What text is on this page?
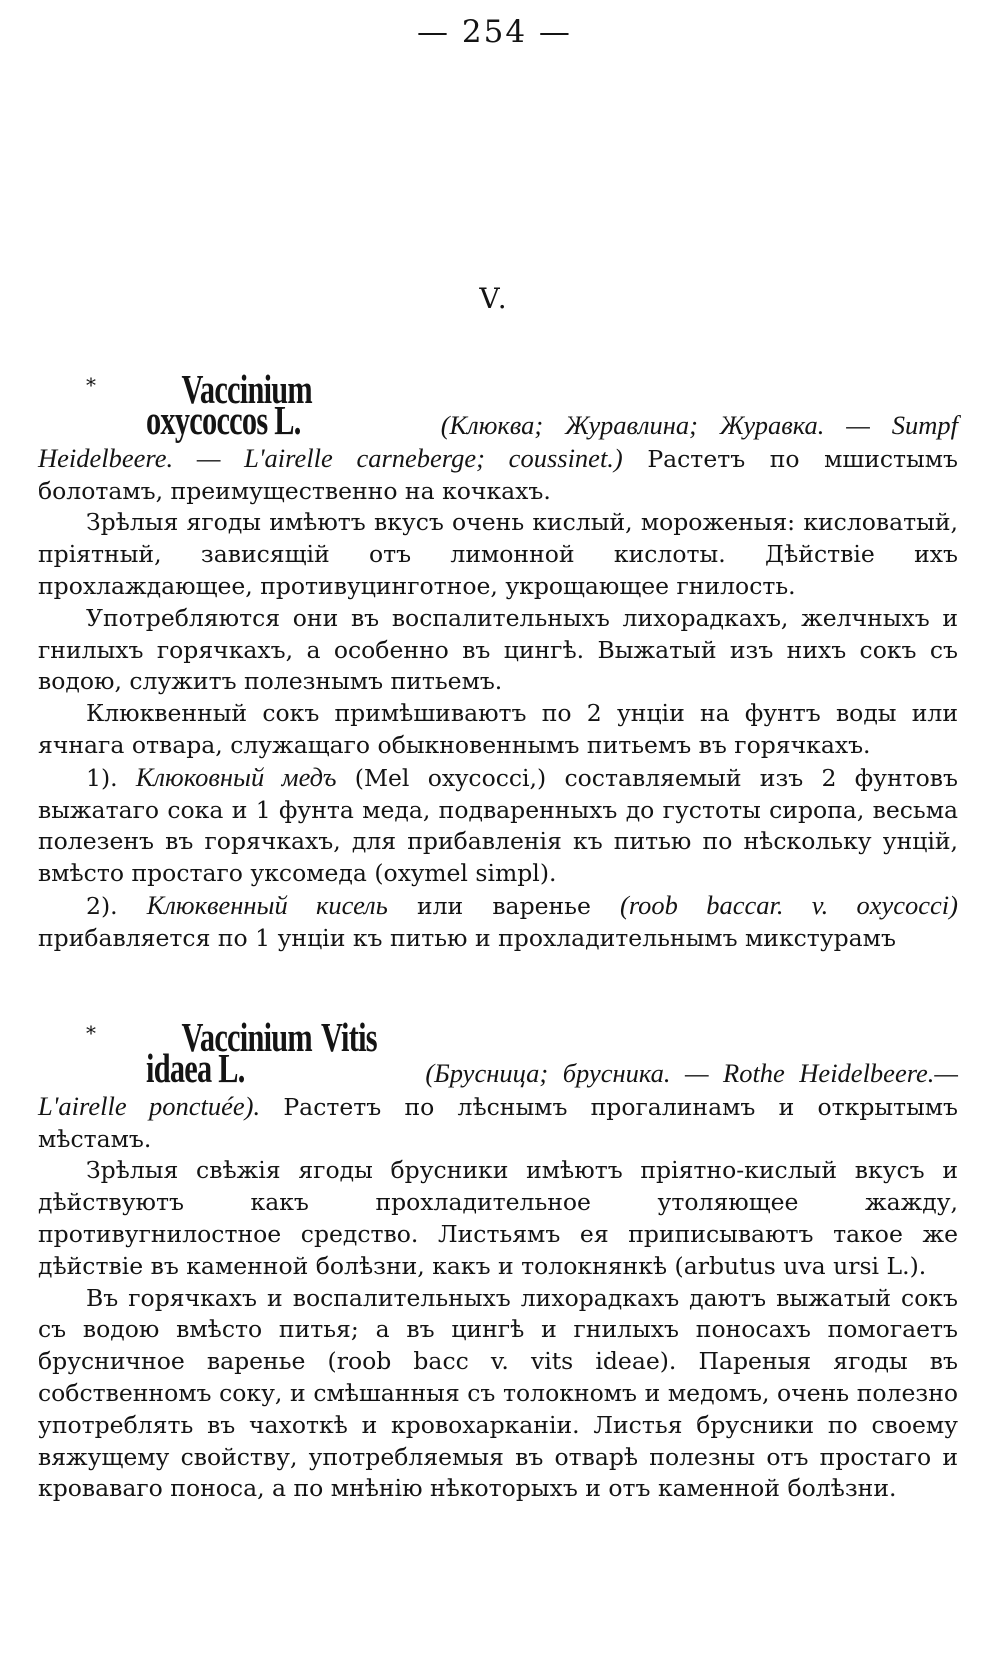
— 254 —
V.

* Vaccinium oxycoccos L.	(Клюква; Журавлина; Журавка. — Sumpf Heidelbeere. — L'airelle carneberge; coussinet.) Растетъ по мшистымъ болотамъ, преимущественно на кочкахъ.

Зрѣлыя ягоды имѣютъ вкусъ очень кислый, мороженыя: кисловатый, пріятный, зависящій отъ лимонной кислоты. Дѣйствіе ихъ прохлаждающее, противуцинготное, укрощающее гнилость.

Употребляются они въ воспалительныхъ лихорадкахъ, желчныхъ и гнилыхъ горячкахъ, а особенно въ цингѣ. Выжатый изъ нихъ сокъ съ водою, служитъ полезнымъ питьемъ.

Клюквенный сокъ примѣшиваютъ по 2 унціи на фунтъ воды или ячнага отвара, служащаго обыкновеннымъ питьемъ въ горячкахъ.

1). Клюковный медъ (Mel oxycocci,) составляемый изъ 2 фунтовъ выжатаго сока и 1 фунта меда, подваренныхъ до густоты сиропа, весьма полезенъ въ горячкахъ, для прибавленія къ питью по нѣскольку унцій, вмѣсто простаго уксомеда (oxymel simpl).

2). Клюквенный кисель или варенье (roob baccar. v. oxycocci) прибавляется по 1 унціи къ питью и прохладительнымъ микстурамъ

* Vaccinium Vitis idaea L.	(Брусница; брусника. — Rothe Heidelbeere.—L'airelle ponctuée). Растетъ по лѣснымъ прогалинамъ и открытымъ мѣстамъ.

Зрѣлыя свѣжія ягоды брусники имѣютъ пріятно-кислый вкусъ и дѣйствуютъ какъ прохладительное утоляющее жажду, противугнилостное средство. Листьямъ ея приписываютъ такое же дѣйствіе въ каменной болѣзни, какъ и толокнянкѣ (arbutus uva ursi L.).

Въ горячкахъ и воспалительныхъ лихорадкахъ даютъ выжатый сокъ съ водою вмѣсто питья; а въ цингѣ и гнилыхъ поносахъ помогаетъ брусничное варенье (roob bacc v. vits ideae). Пареныя ягоды въ собственномъ соку, и смѣшанныя съ толокномъ и медомъ, очень полезно употреблять въ чахоткѣ и кровохарканіи. Листья брусники по своему вяжущему свойству, употребляемыя въ отварѣ полезны отъ простаго и кроваваго поноса, а по мнѣнію нѣкоторыхъ и отъ каменной болѣзни.
